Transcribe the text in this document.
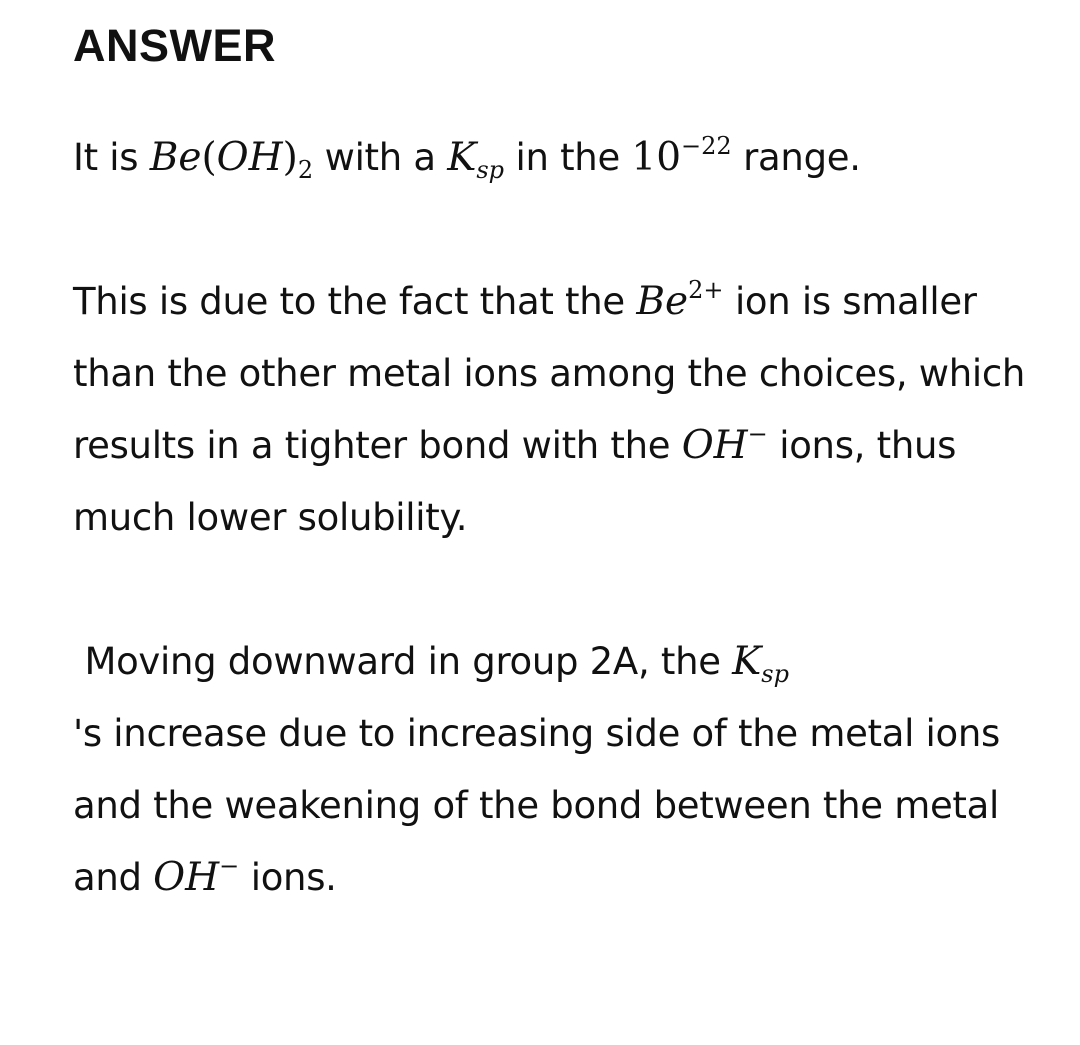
ANSWER

It is $Be(OH)_2$ with a $K_{sp}$ in the $10^{-22}$ range.

This is due to the fact that the $Be^{2+}$ ion is smaller than the other metal ions among the choices, which results in a tighter bond with the OH− ions, thus much lower solubility.

Moving downward in group 2A, the $K_{sp}$
's increase due to increasing side of the metal ions and the weakening of the bond between the metal and OH− ions.
